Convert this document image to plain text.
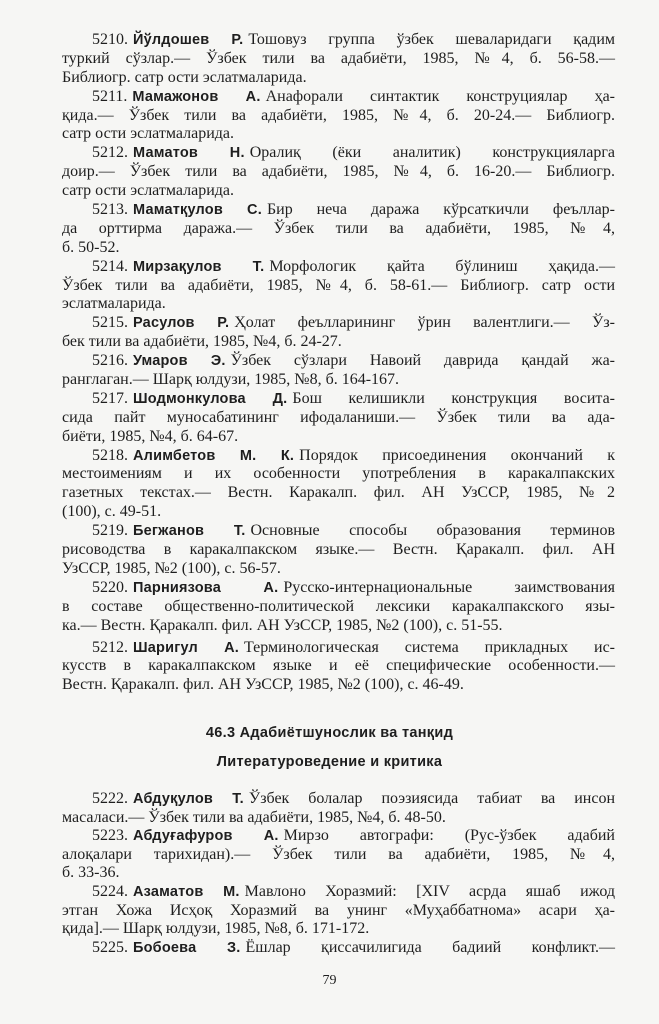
5210. Йўлдошев Р. Тошовуз группа ўзбек шеваларидаги қадим
туркий сўзлар.— Ўзбек тили ва адабиёти, 1985, №4, б. 56-58.—
Библиогр. сатр ости эслатмаларида.
5211. Мамажонов А. Анафорали синтактик конструциялар ҳа-
қида.— Ўзбек тили ва адабиёти, 1985, №4, б. 20-24.— Библиогр.
сатр ости эслатмаларида.
5212. Маматов Н. Оралиқ (ёки аналитик) конструкцияларга
доир.— Ўзбек тили ва адабиёти, 1985, №4, б. 16-20.— Библиогр.
сатр ости эслатмаларида.
5213. Маматқулов С. Бир неча даража кўрсаткичли феъллар-
да орттирма даража.— Ўзбек тили ва адабиёти, 1985, №4,
б. 50-52.
5214. Мирзақулов Т. Морфологик қайта бўлиниш ҳақида.—
Ўзбек тили ва адабиёти, 1985, №4, б. 58-61.— Библиогр. сатр ости
эслатмаларида.
5215. Расулов Р. Ҳолат феълларининг ўрин валентлиги.— Ўз-
бек тили ва адабиёти, 1985, №4, б. 24-27.
5216. Умаров Э. Ўзбек сўзлари Навоий даврида қандай жа-
ранглаган.— Шарқ юлдузи, 1985, №8, б. 164-167.
5217. Шодмонкулова Д. Бош келишикли конструкция восита-
сида пайт муносабатининг ифодаланиши.— Ўзбек тили ва ада-
биёти, 1985, №4, б. 64-67.
5218. Алимбетов М. К. Порядок присоединения окончаний к
местоимениям и их особенности употребления в каракалпакских
газетных текстах.— Вестн. Каракалп. фил. АН УзССР, 1985, №2
(100), с. 49-51.
5219. Бегжанов Т. Основные способы образования терминов
рисоводства в каракалпакском языке.— Вестн. Қаракалп. фил. АН
УзССР, 1985, №2 (100), с. 56-57.
5220. Парниязова А. Русско-интернациональные заимствования
в составе общественно-политической лексики каракалпакского язы-
ка.— Вестн. Қаракалп. фил. АН УзССР, 1985, №2 (100), с. 51-55.
5212. Шаригул А. Терминологическая система прикладных ис-
кусств в каракалпакском языке и её специфические особенности.—
Вестн. Қаракалп. фил. АН УзССР, 1985, №2 (100), с. 46-49.
46.3 Адабиётшунослик ва танқид
Литературоведение и критика
5222. Абдуқулов Т. Ўзбек болалар поэзиясида табиат ва инсон
масаласи.— Ўзбек тили ва адабиёти, 1985, №4, б. 48-50.
5223. Абдуғафуров А. Мирзо автографи: (Рус-ўзбек адабий
алоқалари тарихидан).— Ўзбек тили ва адабиёти, 1985, №4,
б. 33-36.
5224. Азаматов М. Мавлоно Хоразмий: [XIV асрда яшаб ижод
этган Хожа Исҳоқ Хоразмий ва унинг «Муҳаббатнома» асари ҳа-
қида].— Шарқ юлдузи, 1985, №8, б. 171-172.
5225. Бобоева З. Ёшлар қиссачилигида бадиий конфликт.—
79
